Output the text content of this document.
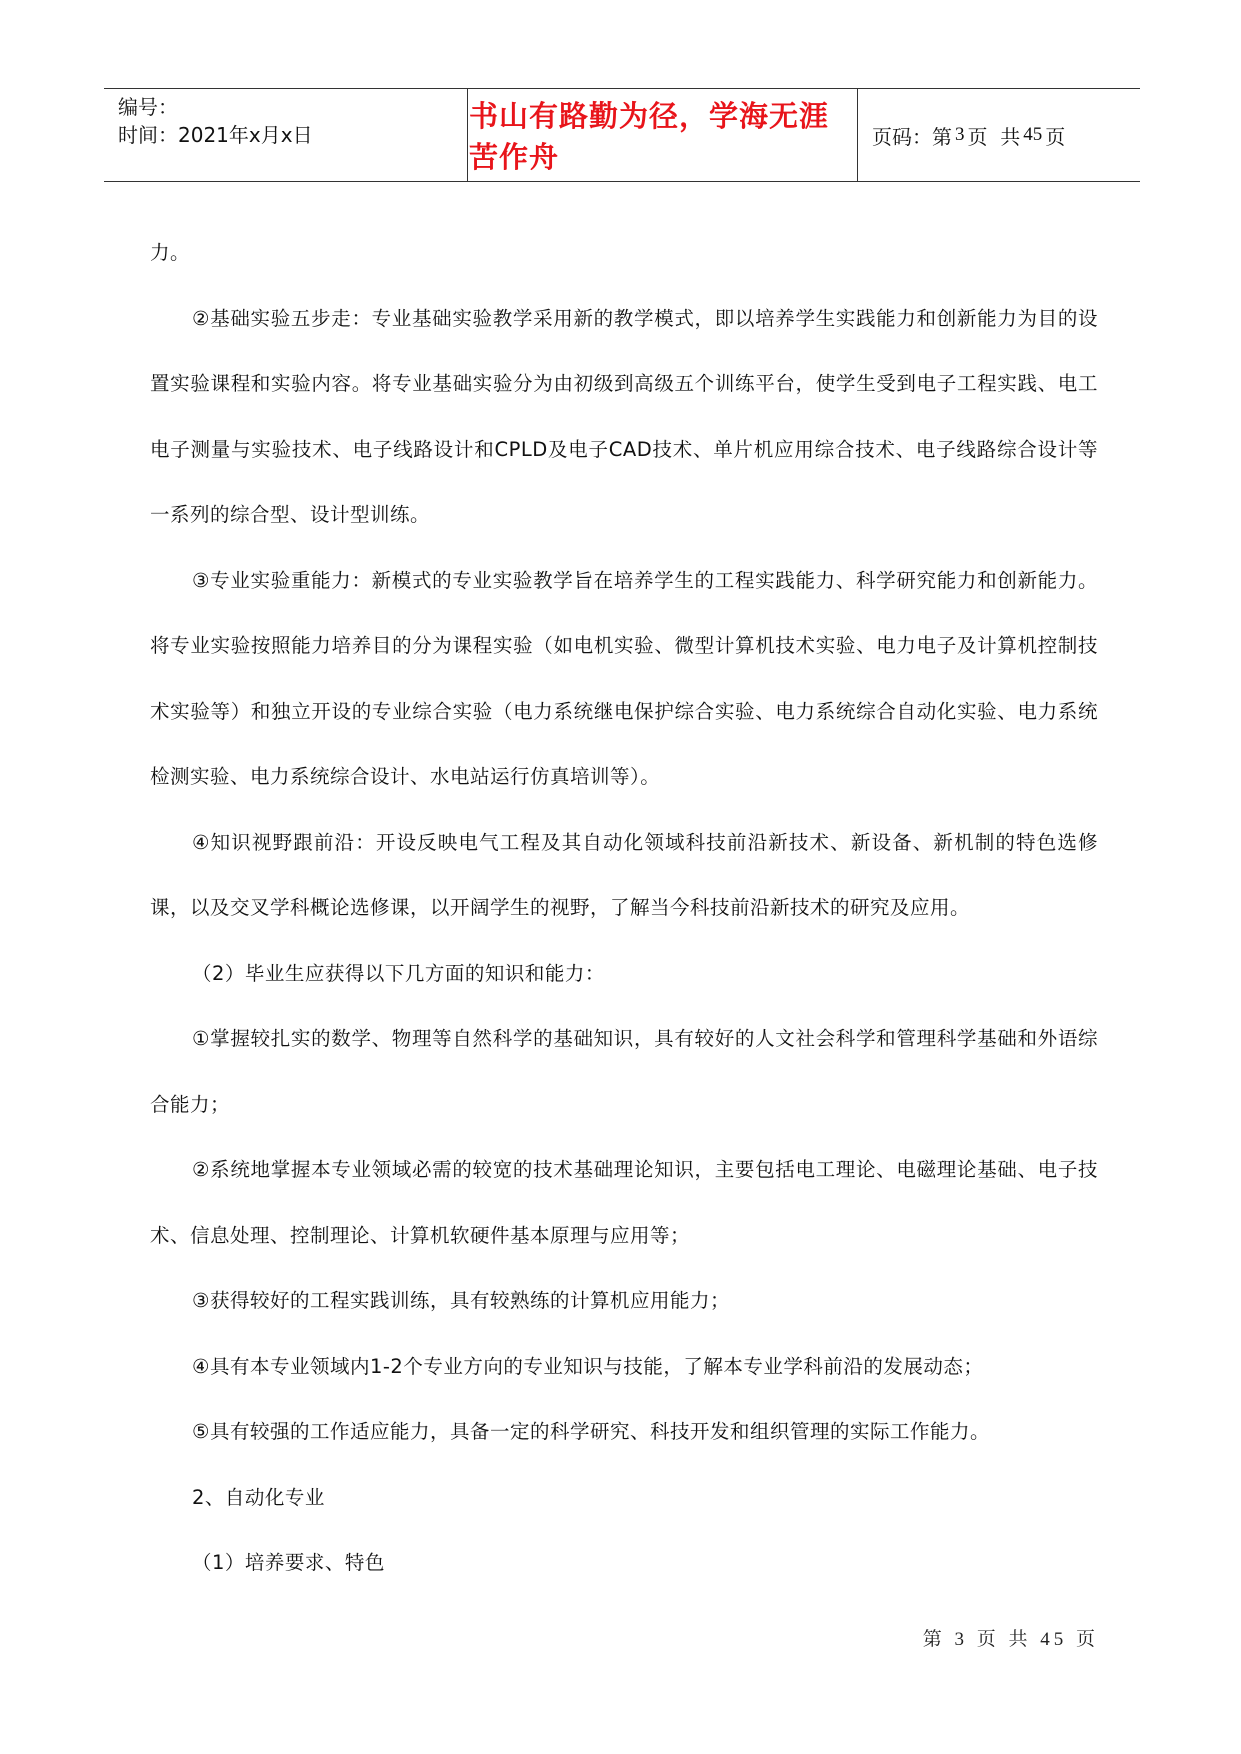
编号：
时间：2021年x月x日
书山有路勤为径，学海无涯苦作舟
页码：第 3 页  共 45 页

力。

②基础实验五步走：专业基础实验教学采用新的教学模式，即以培养学生实践能力和创新能力为目的设置实验课程和实验内容。将专业基础实验分为由初级到高级五个训练平台，使学生受到电子工程实践、电工电子测量与实验技术、电子线路设计和CPLD及电子CAD技术、单片机应用综合技术、电子线路综合设计等一系列的综合型、设计型训练。

③专业实验重能力：新模式的专业实验教学旨在培养学生的工程实践能力、科学研究能力和创新能力。将专业实验按照能力培养目的分为课程实验（如电机实验、微型计算机技术实验、电力电子及计算机控制技术实验等）和独立开设的专业综合实验（电力系统继电保护综合实验、电力系统综合自动化实验、电力系统检测实验、电力系统综合设计、水电站运行仿真培训等）。

④知识视野跟前沿：开设反映电气工程及其自动化领域科技前沿新技术、新设备、新机制的特色选修课，以及交叉学科概论选修课，以开阔学生的视野，了解当今科技前沿新技术的研究及应用。

（2）毕业生应获得以下几方面的知识和能力：

①掌握较扎实的数学、物理等自然科学的基础知识，具有较好的人文社会科学和管理科学基础和外语综合能力；

②系统地掌握本专业领域必需的较宽的技术基础理论知识，主要包括电工理论、电磁理论基础、电子技术、信息处理、控制理论、计算机软硬件基本原理与应用等；

③获得较好的工程实践训练，具有较熟练的计算机应用能力；

④具有本专业领域内1-2个专业方向的专业知识与技能，了解本专业学科前沿的发展动态；

⑤具有较强的工作适应能力，具备一定的科学研究、科技开发和组织管理的实际工作能力。

2、自动化专业

（1）培养要求、特色

第 3 页 共 45 页
